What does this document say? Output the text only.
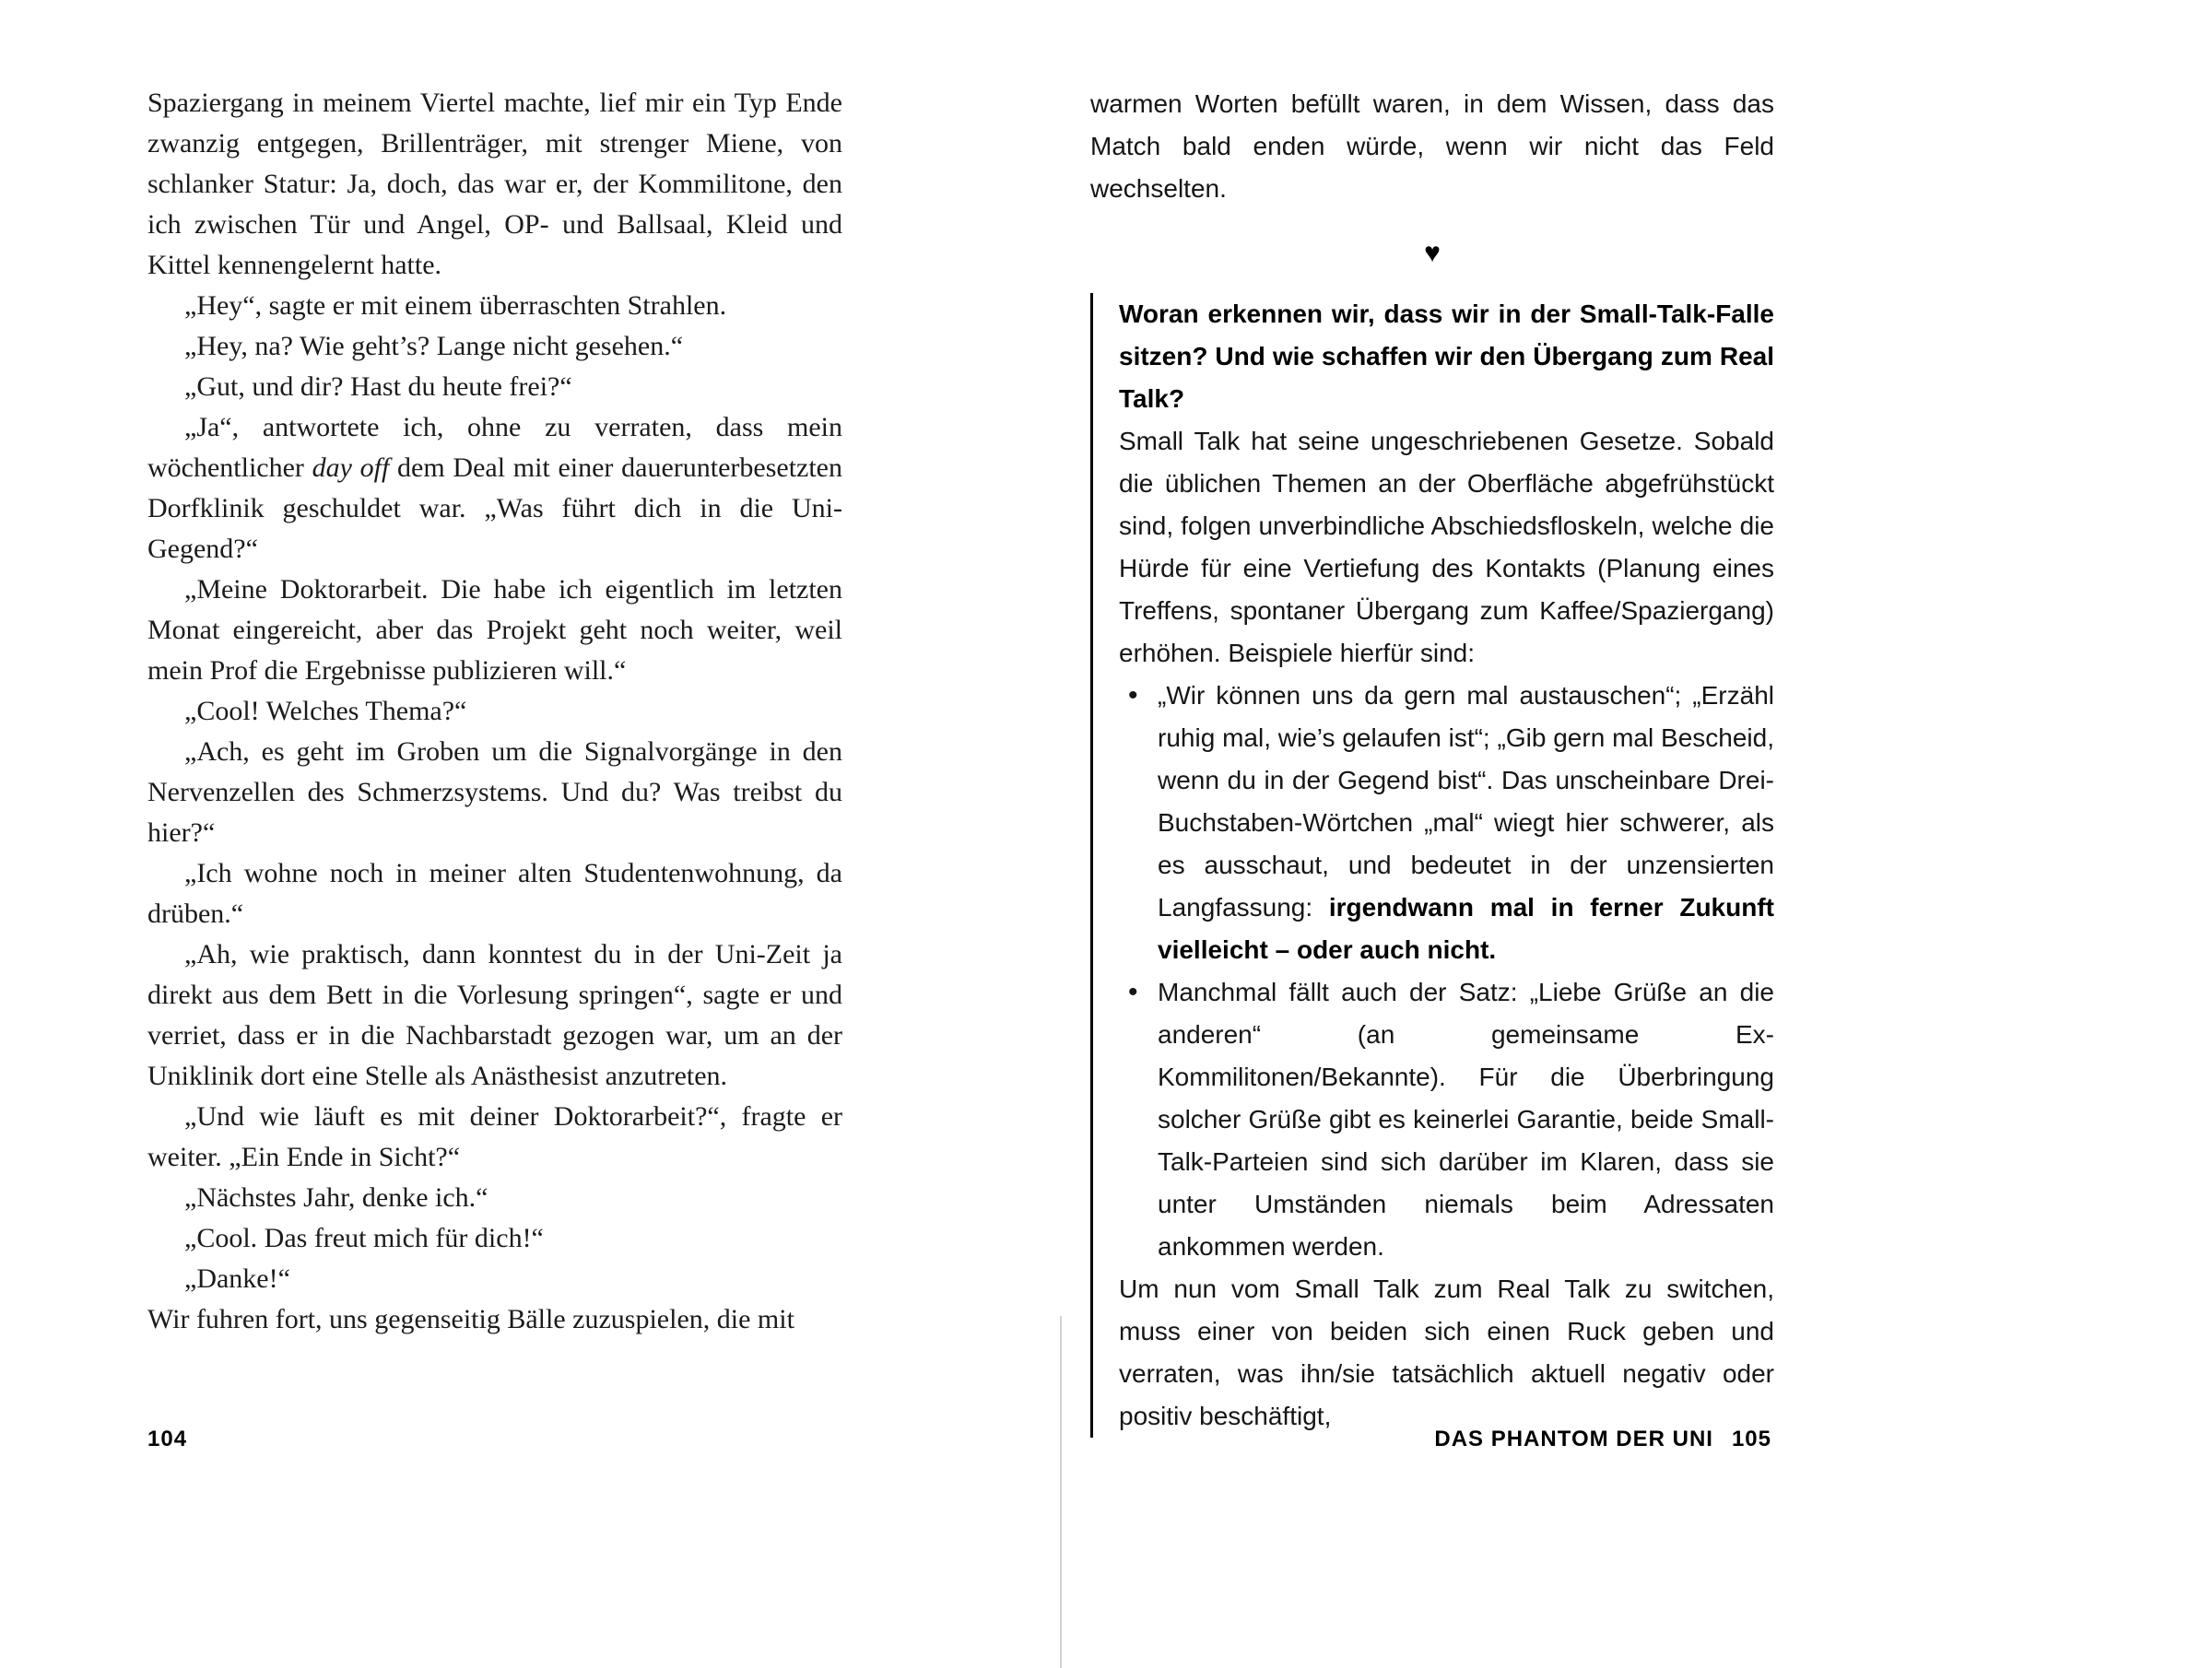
Spaziergang in meinem Viertel machte, lief mir ein Typ Ende zwanzig entgegen, Brillenträger, mit strenger Miene, von schlanker Statur: Ja, doch, das war er, der Kommilitone, den ich zwischen Tür und Angel, OP- und Ballsaal, Kleid und Kittel kennengelernt hatte.

„Hey“, sagte er mit einem überraschten Strahlen.

„Hey, na? Wie geht’s? Lange nicht gesehen.“

„Gut, und dir? Hast du heute frei?“

„Ja“, antwortete ich, ohne zu verraten, dass mein wöchentlicher day off dem Deal mit einer dauerunterbesetzten Dorfklinik geschuldet war. „Was führt dich in die Uni-Gegend?“

„Meine Doktorarbeit. Die habe ich eigentlich im letzten Monat eingereicht, aber das Projekt geht noch weiter, weil mein Prof die Ergebnisse publizieren will.“

„Cool! Welches Thema?“

„Ach, es geht im Groben um die Signalvorgänge in den Nervenzellen des Schmerzsystems. Und du? Was treibst du hier?“

„Ich wohne noch in meiner alten Studentenwohnung, da drüben.“

„Ah, wie praktisch, dann konntest du in der Uni-Zeit ja direkt aus dem Bett in die Vorlesung springen“, sagte er und verriet, dass er in die Nachbarstadt gezogen war, um an der Uniklinik dort eine Stelle als Anästhesist anzutreten.

„Und wie läuft es mit deiner Doktorarbeit?“, fragte er weiter. „Ein Ende in Sicht?“

„Nächstes Jahr, denke ich.“

„Cool. Das freut mich für dich!“

„Danke!“

Wir fuhren fort, uns gegenseitig Bälle zuzuspielen, die mit

warmen Worten befüllt waren, in dem Wissen, dass das Match bald enden würde, wenn wir nicht das Feld wechselten.

♥

Woran erkennen wir, dass wir in der Small-Talk-Falle sitzen? Und wie schaffen wir den Übergang zum Real Talk?

Small Talk hat seine ungeschriebenen Gesetze. Sobald die üblichen Themen an der Oberfläche abgefrühstückt sind, folgen unverbindliche Abschiedsfloskeln, welche die Hürde für eine Vertiefung des Kontakts (Planung eines Treffens, spontaner Übergang zum Kaffee/Spaziergang) erhöhen. Beispiele hierfür sind:

• „Wir können uns da gern mal austauschen“; „Erzähl ruhig mal, wie’s gelaufen ist“; „Gib gern mal Bescheid, wenn du in der Gegend bist“. Das unscheinbare Drei-Buchstaben-Wörtchen „mal“ wiegt hier schwerer, als es ausschaut, und bedeutet in der unzensierten Langfassung: irgendwann mal in ferner Zukunft vielleicht – oder auch nicht.
• Manchmal fällt auch der Satz: „Liebe Grüße an die anderen“ (an gemeinsame Ex-Kommilitonen/Bekannte). Für die Überbringung solcher Grüße gibt es keinerlei Garantie, beide Small-Talk-Parteien sind sich darüber im Klaren, dass sie unter Umständen niemals beim Adressaten ankommen werden.

Um nun vom Small Talk zum Real Talk zu switchen, muss einer von beiden sich einen Ruck geben und verraten, was ihn/sie tatsächlich aktuell negativ oder positiv beschäftigt,

104	DAS PHANTOM DER UNI 105
